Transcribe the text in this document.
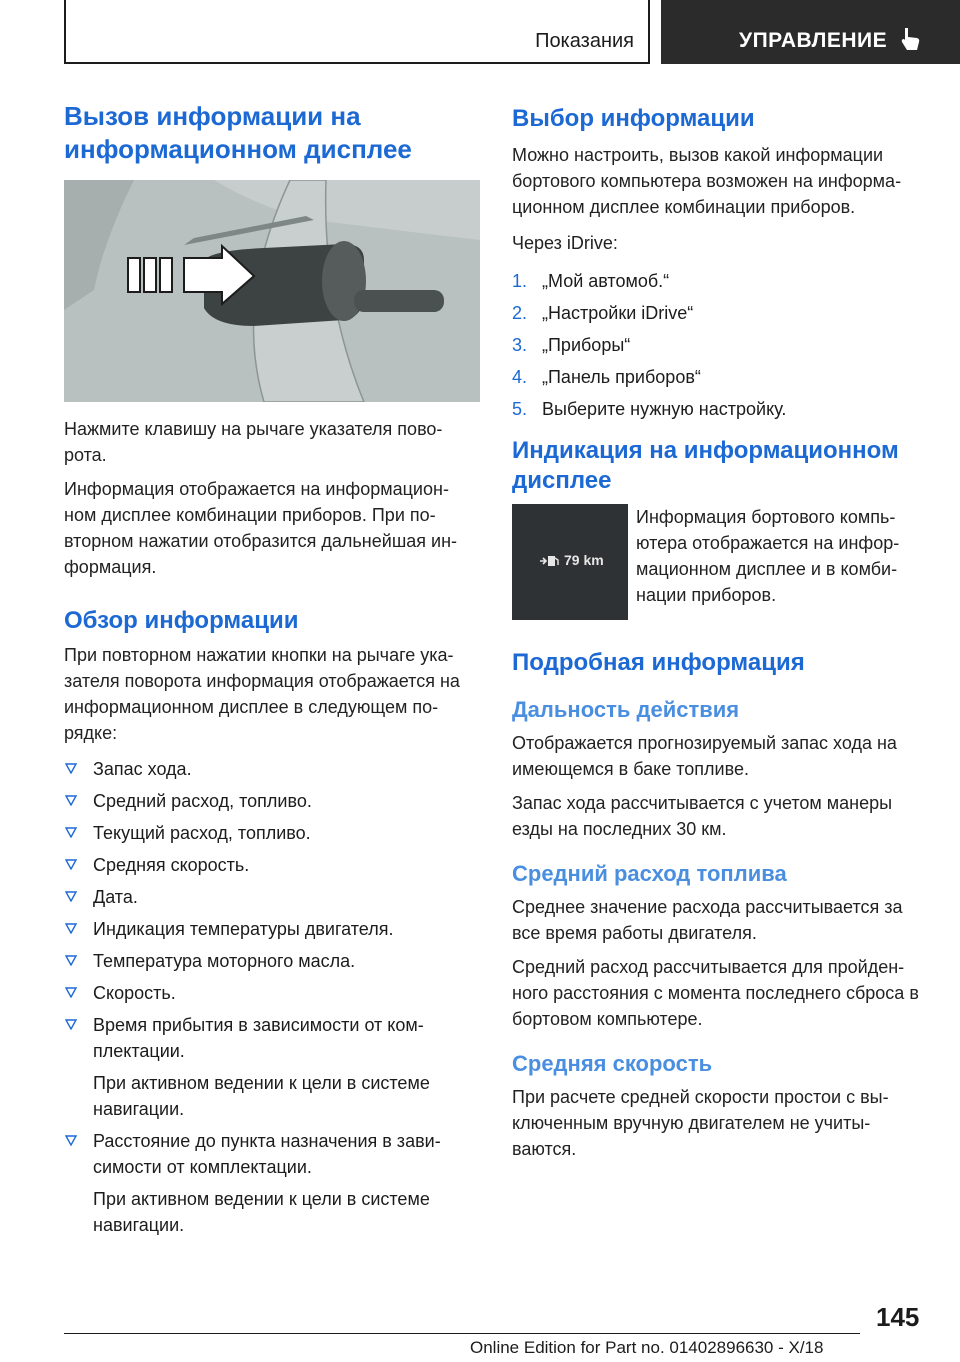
Показания	УПРАВЛЕНИЕ
Вызов информации на информационном дисплее

Нажмите клавишу на рычаге указателя пово-рота.

Информация отображается на информацион-ном дисплее комбинации приборов. При по-вторном нажатии отобразится дальнейшая ин-формация.

Обзор информации

При повторном нажатии кнопки на рычаге ука-зателя поворота информация отображается на информационном дисплее в следующем по-рядке:

Запас хода.
Средний расход, топливо.
Текущий расход, топливо.
Средняя скорость.
Дата.
Индикация температуры двигателя.
Температура моторного масла.
Скорость.
Время прибытия в зависимости от ком-плектации.
При активном ведении к цели в системе навигации.
Расстояние до пункта назначения в зави-симости от комплектации.
При активном ведении к цели в системе навигации.
Выбор информации

Можно настроить, вызов какой информации бортового компьютера возможен на информа-ционном дисплее комбинации приборов.

Через iDrive:

1. „Мой автомоб.“
2. „Настройки iDrive“
3. „Приборы“
4. „Панель приборов“
5. Выберите нужную настройку.
Индикация на информационном дисплее
79 km

Информация бортового компь-ютера отображается на инфор-мационном дисплее и в комби-нации приборов.

Подробная информация
Дальность действия

Отображается прогнозируемый запас хода на имеющемся в баке топливе.

Запас хода рассчитывается с учетом манеры езды на последних 30 км.

Средний расход топлива

Среднее значение расхода рассчитывается за все время работы двигателя.

Средний расход рассчитывается для пройден-ного расстояния с момента последнего сброса в бортовом компьютере.

Средняя скорость

При расчете средней скорости простои с вы-ключенным вручную двигателем не учиты-ваются.

145
Online Edition for Part no. 01402896630 - X/18
